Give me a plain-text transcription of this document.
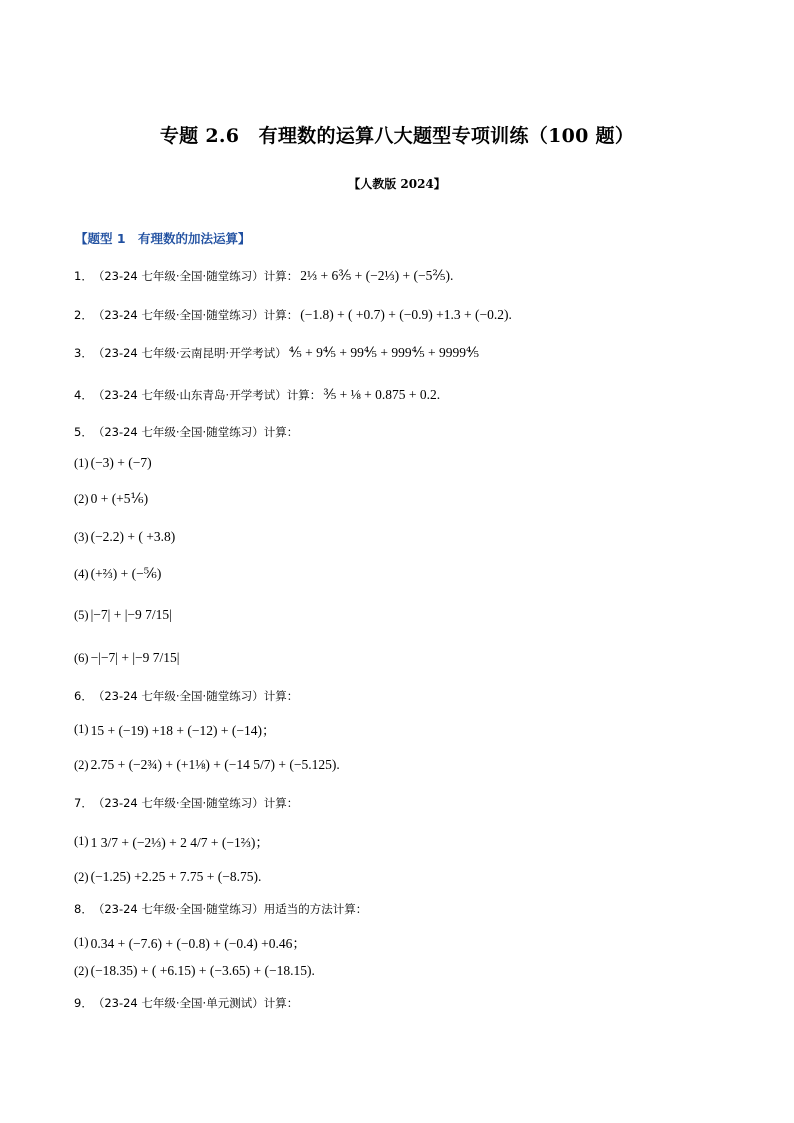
专题 2.6　有理数的运算八大题型专项训练（100 题）
【人教版 2024】
【题型 1　有理数的加法运算】
1． （23-24 七年级·全国·随堂练习）计算： 2⅓ + 6⅗ + (−2⅓) + (−5⅖).
2． （23-24 七年级·全国·随堂练习）计算： (−1.8) + ( +0.7) + (−0.9) +1.3 + (−0.2).
3． （23-24 七年级·云南昆明·开学考试） ⅘ + 9⅘ + 99⅘ + 999⅘ + 9999⅘
4． （23-24 七年级·山东青岛·开学考试）计算： ⅗ + ⅛ + 0.875 + 0.2.
5． （23-24 七年级·全国·随堂练习）计算：
(1) (−3) + (−7)
(2) 0 + (+5⅙)
(3) (−2.2) + ( +3.8)
(4) (+⅔) + (−⅚)
(5) |−7| + |−9 7/15|
(6) −|−7| + |−9 7/15|
6． （23-24 七年级·全国·随堂练习）计算：
(1) 15 + (−19) +18 + (−12) + (−14)；
(2) 2.75 + (−2¾) + (+1⅛) + (−14 5/7) + (−5.125).
7． （23-24 七年级·全国·随堂练习）计算：
(1) 1 3/7 + (−2⅓) + 2 4/7 + (−1⅔)；
(2) (−1.25) +2.25 + 7.75 + (−8.75).
8． （23-24 七年级·全国·随堂练习）用适当的方法计算：
(1) 0.34 + (−7.6) + (−0.8) + (−0.4) +0.46；
(2) (−18.35) + ( +6.15) + (−3.65) + (−18.15).
9． （23-24 七年级·全国·单元测试）计算：
